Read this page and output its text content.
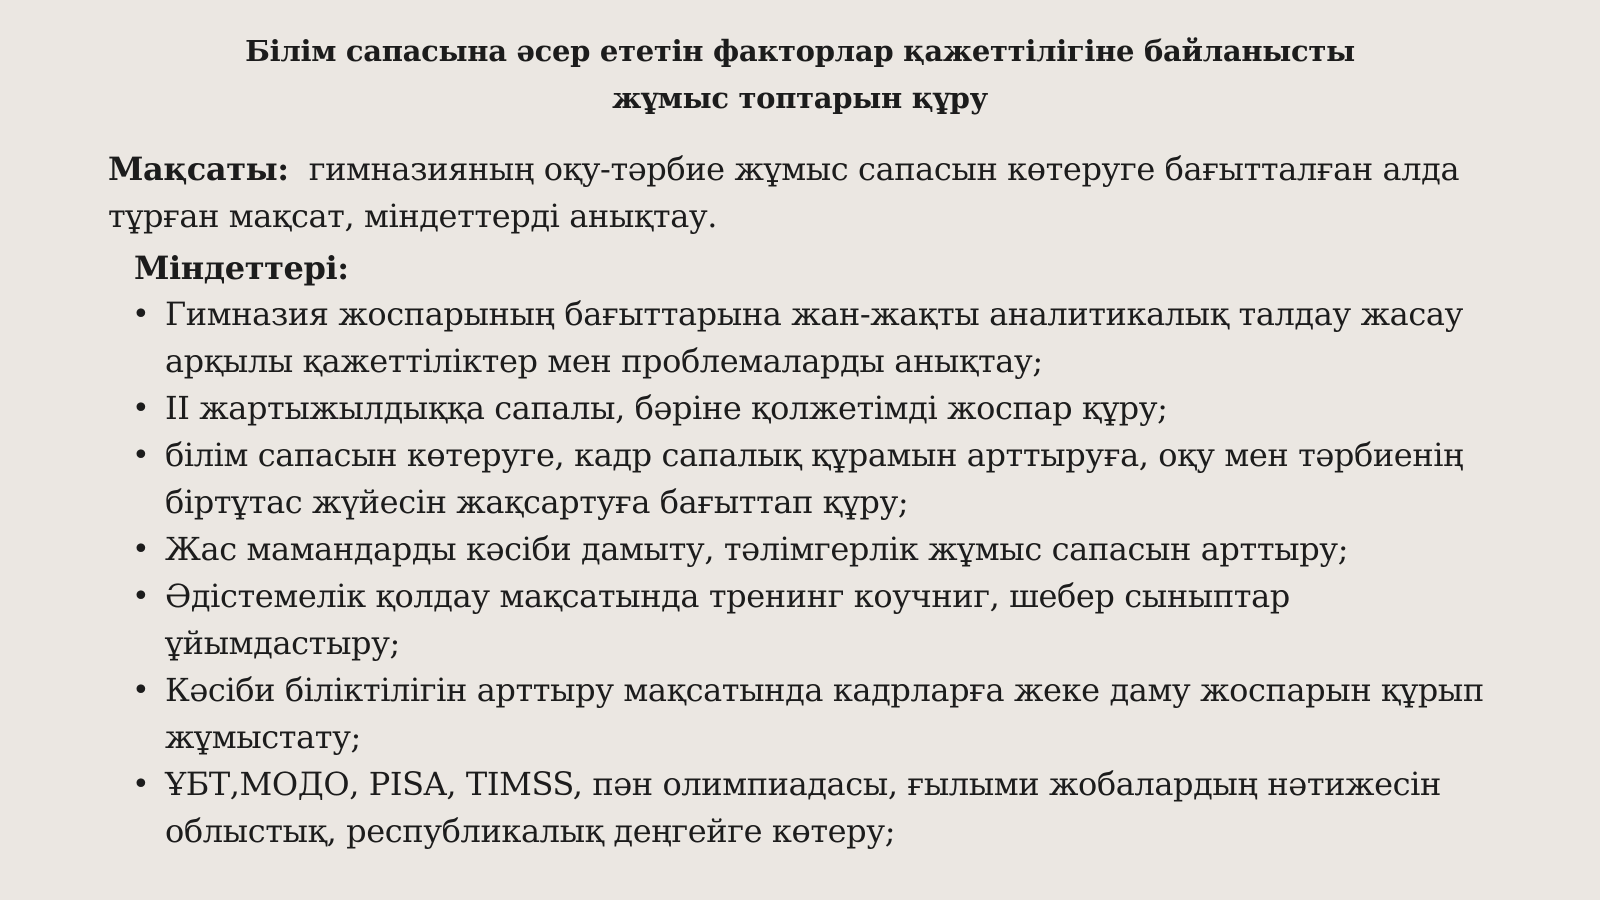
Білім сапасына әсер ететін факторлар қажеттілігіне байланысты
жұмыс топтарын құру
Мақсаты: гимназияның оқу-тәрбие жұмыс сапасын көтеруге бағытталған алда
тұрған мақсат, міндеттерді анықтау.
Міндеттері:
• Гимназия жоспарының бағыттарына жан-жақты аналитикалық талдау жасау
арқылы қажеттіліктер мен проблемаларды анықтау;
• II жартыжылдыққа сапалы, бәріне қолжетімді жоспар құру;
• білім сапасын көтеруге, кадр сапалық құрамын арттыруға, оқу мен тәрбиенің
біртұтас жүйесін жақсартуға бағыттап құру;
• Жас мамандарды кәсіби дамыту, тәлімгерлік жұмыс сапасын арттыру;
• Әдістемелік қолдау мақсатында тренинг коучниг, шебер сыныптар
ұйымдастыру;
• Кәсіби біліктілігін арттыру мақсатында кадрларға жеке даму жоспарын құрып
жұмыстату;
• ҰБТ,МОДО, PISA, TIMSS, пән олимпиадасы, ғылыми жобалардың нәтижесін
облыстық, республикалық деңгейге көтеру;
